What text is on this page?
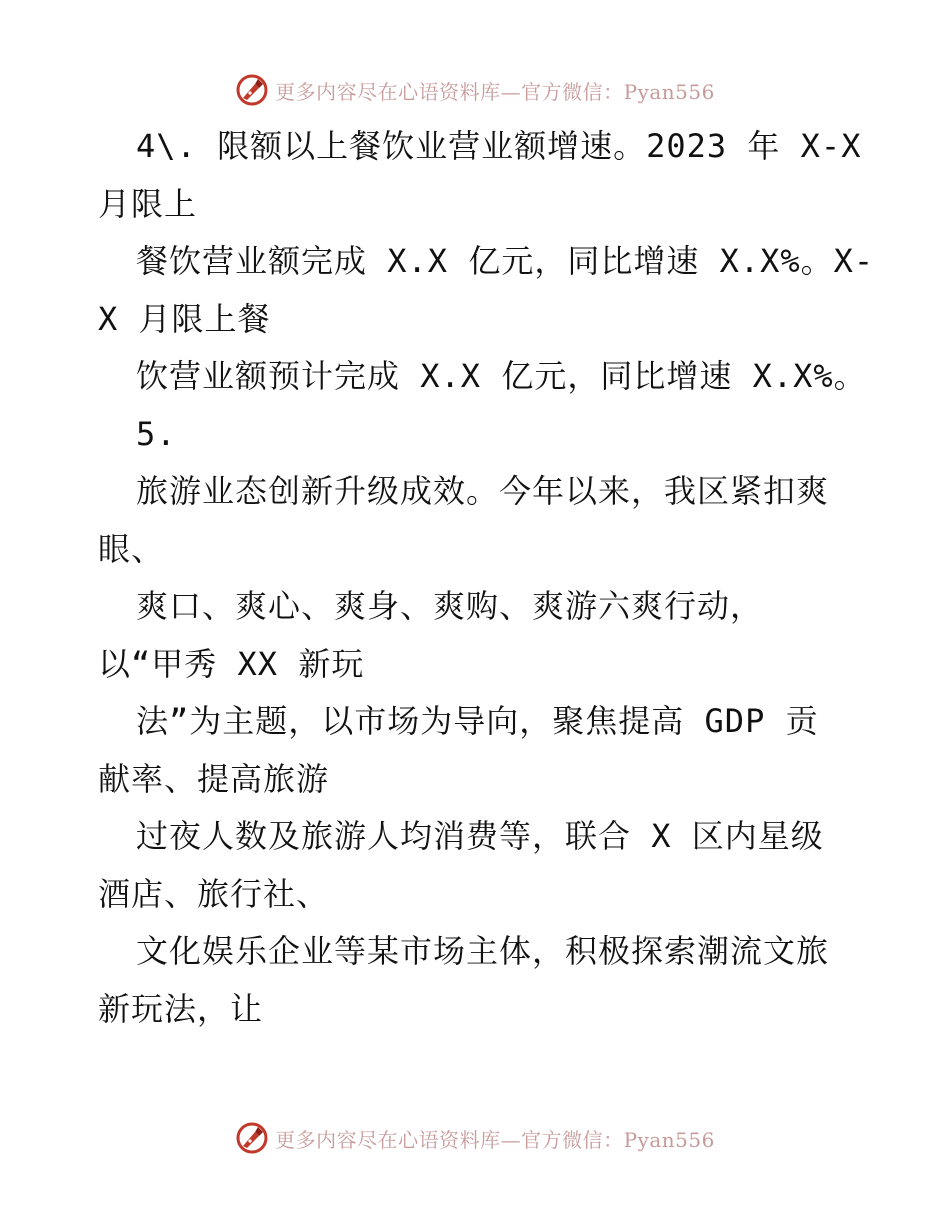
更多内容尽在心语资料库—官方微信：Pyan556
4\. 限额以上餐饮业营业额增速。2023 年 X-X
月限上
餐饮营业额完成 X.X 亿元，同比增速 X.X%。X-
X 月限上餐
饮营业额预计完成 X.X 亿元，同比增速 X.X%。
5.
旅游业态创新升级成效。今年以来，我区紧扣爽
眼、
爽口、爽心、爽身、爽购、爽游六爽行动，
以“甲秀 XX 新玩
法”为主题，以市场为导向，聚焦提高 GDP 贡
献率、提高旅游
过夜人数及旅游人均消费等，联合 X 区内星级
酒店、旅行社、
文化娱乐企业等某市场主体，积极探索潮流文旅
新玩法，让
更多内容尽在心语资料库—官方微信：Pyan556
